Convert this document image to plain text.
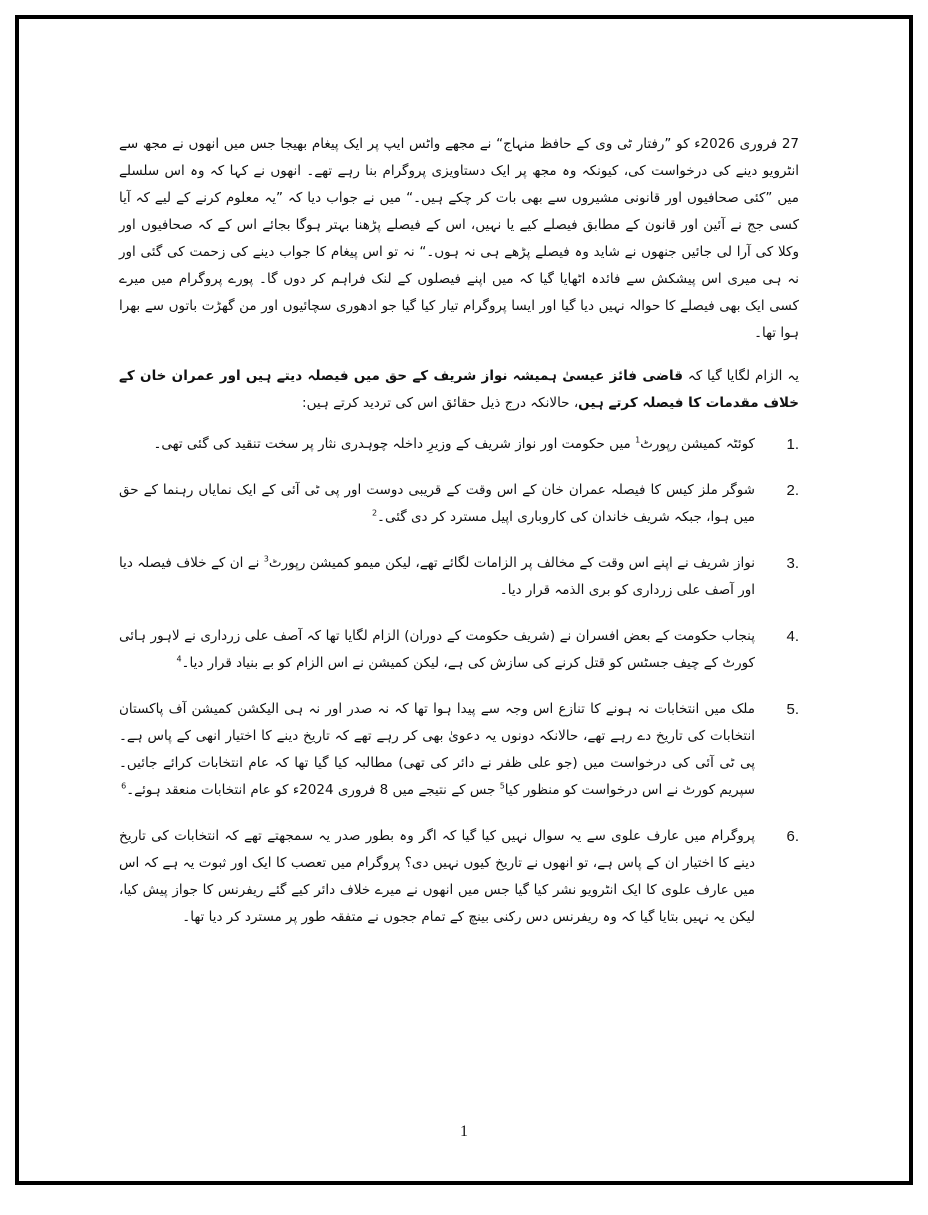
27 فروری 2026ء کو ”رفتار ٹی وی کے حافظ منہاج“ نے مجھے واٹس ایپ پر ایک پیغام بھیجا جس میں انھوں نے مجھ سے انٹرویو دینے کی درخواست کی، کیونکہ وہ مجھ پر ایک دستاویزی پروگرام بنا رہے تھے۔ انھوں نے کہا کہ وہ اس سلسلے میں ”کئی صحافیوں اور قانونی مشیروں سے بھی بات کر چکے ہیں۔“ میں نے جواب دیا کہ ”یہ معلوم کرنے کے لیے کہ آیا کسی جج نے آئین اور قانون کے مطابق فیصلے کیے یا نہیں، اس کے فیصلے پڑھنا بہتر ہوگا بجائے اس کے کہ صحافیوں اور وکلا کی آرا لی جائیں جنھوں نے شاید وہ فیصلے پڑھے ہی نہ ہوں۔“ نہ تو اس پیغام کا جواب دینے کی زحمت کی گئی اور نہ ہی میری اس پیشکش سے فائدہ اٹھایا گیا کہ میں اپنے فیصلوں کے لنک فراہم کر دوں گا۔ پورے پروگرام میں میرے کسی ایک بھی فیصلے کا حوالہ نہیں دیا گیا اور ایسا پروگرام تیار کیا گیا جو ادھوری سچائیوں اور من گھڑت باتوں سے بھرا ہوا تھا۔

یہ الزام لگایا گیا کہ قاضی فائز عیسیٰ ہمیشہ نواز شریف کے حق میں فیصلہ دیتے ہیں اور عمران خان کے خلاف مقدمات کا فیصلہ کرتے ہیں، حالانکہ درج ذیل حقائق اس کی تردید کرتے ہیں:

1.
کوئٹہ کمیشن رپورٹ$^1$ میں حکومت اور نواز شریف کے وزیرِ داخلہ چوہدری نثار پر سخت تنقید کی گئی تھی۔
2.
شوگر ملز کیس کا فیصلہ عمران خان کے اس وقت کے قریبی دوست اور پی ٹی آئی کے ایک نمایاں رہنما کے حق میں ہوا، جبکہ شریف خاندان کی کاروباری اپیل مسترد کر دی گئی۔$^2$
3.
نواز شریف نے اپنے اس وقت کے مخالف پر الزامات لگائے تھے، لیکن میمو کمیشن رپورٹ$^3$ نے ان کے خلاف فیصلہ دیا اور آصف علی زرداری کو بری الذمہ قرار دیا۔
4.
پنجاب حکومت کے بعض افسران نے (شریف حکومت کے دوران) الزام لگایا تھا کہ آصف علی زرداری نے لاہور ہائی کورٹ کے چیف جسٹس کو قتل کرنے کی سازش کی ہے، لیکن کمیشن نے اس الزام کو بے بنیاد قرار دیا۔$^4$
5.
ملک میں انتخابات نہ ہونے کا تنازع اس وجہ سے پیدا ہوا تھا کہ نہ صدر اور نہ ہی الیکشن کمیشن آف پاکستان انتخابات کی تاریخ دے رہے تھے، حالانکہ دونوں یہ دعویٰ بھی کر رہے تھے کہ تاریخ دینے کا اختیار انھی کے پاس ہے۔ پی ٹی آئی کی درخواست میں (جو علی ظفر نے دائر کی تھی) مطالبہ کیا گیا تھا کہ عام انتخابات کرائے جائیں۔ سپریم کورٹ نے اس درخواست کو منظور کیا$^5$ جس کے نتیجے میں 8 فروری 2024ء کو عام انتخابات منعقد ہوئے۔$^6$
6.
پروگرام میں عارف علوی سے یہ سوال نہیں کیا گیا کہ اگر وہ بطور صدر یہ سمجھتے تھے کہ انتخابات کی تاریخ دینے کا اختیار ان کے پاس ہے، تو انھوں نے تاریخ کیوں نہیں دی؟ پروگرام میں تعصب کا ایک اور ثبوت یہ ہے کہ اس میں عارف علوی کا ایک انٹرویو نشر کیا گیا جس میں انھوں نے میرے خلاف دائر کیے گئے ریفرنس کا جواز پیش کیا، لیکن یہ نہیں بتایا گیا کہ وہ ریفرنس دس رکنی بینچ کے تمام ججوں نے متفقہ طور پر مسترد کر دیا تھا۔
1
